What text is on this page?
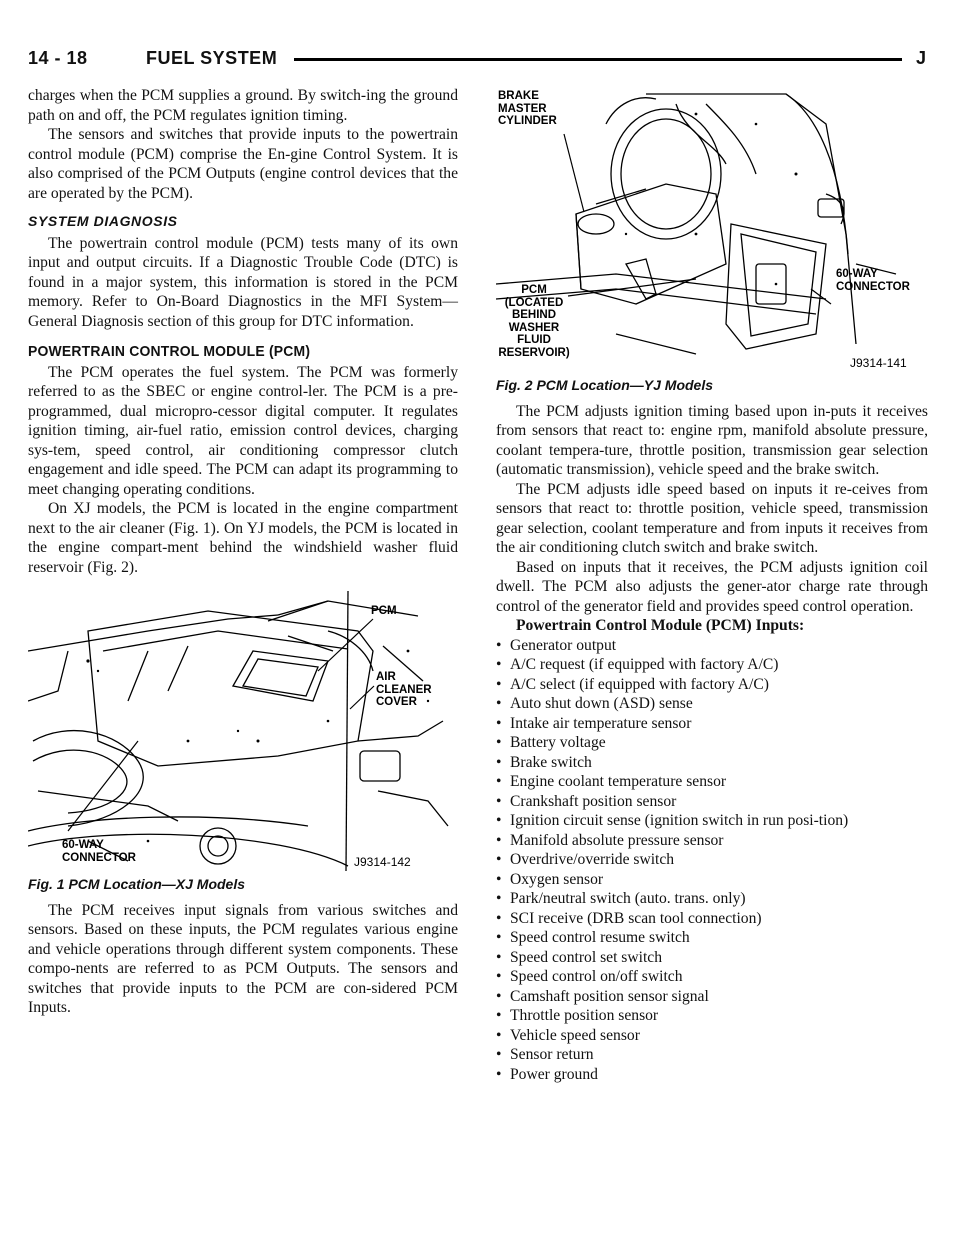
14 - 18	FUEL SYSTEM	J

charges when the PCM supplies a ground. By switch-ing the ground path on and off, the PCM regulates ignition timing.

The sensors and switches that provide inputs to the powertrain control module (PCM) comprise the En-gine Control System. It is also comprised of the PCM Outputs (engine control devices that the are operated by the PCM).

SYSTEM DIAGNOSIS

The powertrain control module (PCM) tests many of its own input and output circuits. If a Diagnostic Trouble Code (DTC) is found in a major system, this information is stored in the PCM memory. Refer to On-Board Diagnostics in the MFI System—General Diagnosis section of this group for DTC information.

POWERTRAIN CONTROL MODULE (PCM)

The PCM operates the fuel system. The PCM was formerly referred to as the SBEC or engine control-ler. The PCM is a pre-programmed, dual micropro-cessor digital computer. It regulates ignition timing, air-fuel ratio, emission control devices, charging sys-tem, speed control, air conditioning compressor clutch engagement and idle speed. The PCM can adapt its programming to meet changing operating conditions.

On XJ models, the PCM is located in the engine compartment next to the air cleaner (Fig. 1). On YJ models, the PCM is located in the engine compart-ment behind the windshield washer fluid reservoir (Fig. 2).

PCM
AIR
CLEANER
COVER
60-WAY
CONNECTOR	J9314-142
Fig. 1 PCM Location—XJ Models

The PCM receives input signals from various switches and sensors. Based on these inputs, the PCM regulates various engine and vehicle operations through different system components. These compo-nents are referred to as PCM Outputs. The sensors and switches that provide inputs to the PCM are con-sidered PCM Inputs.

BRAKE
MASTER
CYLINDER
PCM
(LOCATED
BEHIND
WASHER
FLUID
RESERVOIR)
60-WAY
CONNECTOR
J9314-141
Fig. 2 PCM Location—YJ Models

The PCM adjusts ignition timing based upon in-puts it receives from sensors that react to: engine rpm, manifold absolute pressure, coolant tempera-ture, throttle position, transmission gear selection (automatic transmission), vehicle speed and the brake switch.

The PCM adjusts idle speed based on inputs it re-ceives from sensors that react to: throttle position, vehicle speed, transmission gear selection, coolant temperature and from inputs it receives from the air conditioning clutch switch and brake switch.

Based on inputs that it receives, the PCM adjusts ignition coil dwell. The PCM also adjusts the gener-ator charge rate through control of the generator field and provides speed control operation.

Powertrain Control Module (PCM) Inputs:

• Generator output
• A/C request (if equipped with factory A/C)
• A/C select (if equipped with factory A/C)
• Auto shut down (ASD) sense
• Intake air temperature sensor
• Battery voltage
• Brake switch
• Engine coolant temperature sensor
• Crankshaft position sensor
• Ignition circuit sense (ignition switch in run posi-tion)
• Manifold absolute pressure sensor
• Overdrive/override switch
• Oxygen sensor
• Park/neutral switch (auto. trans. only)
• SCI receive (DRB scan tool connection)
• Speed control resume switch
• Speed control set switch
• Speed control on/off switch
• Camshaft position sensor signal
• Throttle position sensor
• Vehicle speed sensor
• Sensor return
• Power ground
